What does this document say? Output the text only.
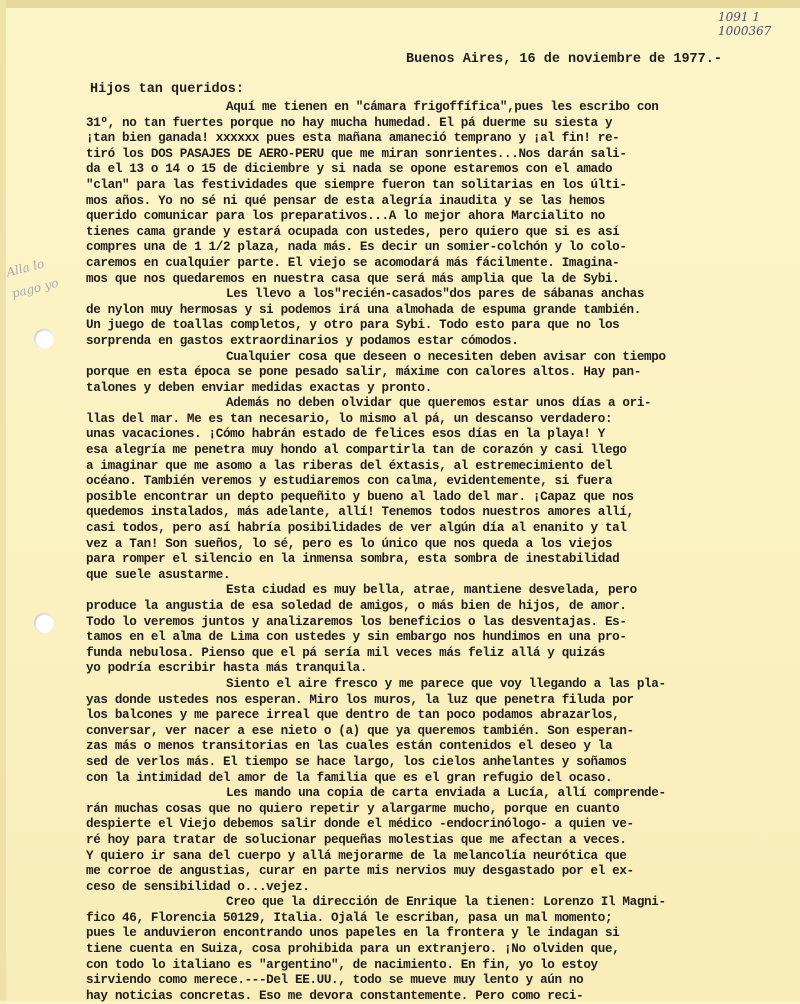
1091 1
1000367
Alla lo pago yo
Buenos Aires, 16 de noviembre de 1977.-
Hijos tan queridos:
Aquí me tienen en "cámara frigoffífica",pues les escribo con
31º, no tan fuertes porque no hay mucha humedad. El pá duerme su siesta y
¡tan bien ganada! xxxxxx pues esta mañana amaneció temprano y ¡al fin! re-
tiró los DOS PASAJES DE AERO-PERU que me miran sonrientes...Nos darán sali-
da el 13 o 14 o 15 de diciembre y si nada se opone estaremos con el amado
"clan" para las festividades que siempre fueron tan solitarias en los últi-
mos años. Yo no sé ni qué pensar de esta alegría inaudita y se las hemos
querido comunicar para los preparativos...A lo mejor ahora Marcialito no
tienes cama grande y estará ocupada con ustedes, pero quiero que si es así
compres una de 1 1/2 plaza, nada más. Es decir un somier-colchón y lo colo-
caremos en cualquier parte. El viejo se acomodará más fácilmente. Imagina-
mos que nos quedaremos en nuestra casa que será más amplia que la de Sybi.
Les llevo a los"recién-casados"dos pares de sábanas anchas
de nylon muy hermosas y si podemos irá una almohada de espuma grande también.
Un juego de toallas completos, y otro para Sybi. Todo esto para que no los
sorprenda en gastos extraordinarios y podamos estar cómodos.
Cualquier cosa que deseen o necesiten deben avisar con tiempo
porque en esta época se pone pesado salir, máxime con calores altos. Hay pan-
talones y deben enviar medidas exactas y pronto.
Además no deben olvidar que queremos estar unos días a ori-
llas del mar. Me es tan necesario, lo mismo al pá, un descanso verdadero:
unas vacaciones. ¡Cómo habrán estado de felices esos días en la playa! Y
esa alegría me penetra muy hondo al compartirla tan de corazón y casi llego
a imaginar que me asomo a las riberas del éxtasis, al estremecimiento del
océano. También veremos y estudiaremos con calma, evidentemente, si fuera
posible encontrar un depto pequeñito y bueno al lado del mar. ¡Capaz que nos
quedemos instalados, más adelante, allí! Tenemos todos nuestros amores allí,
casi todos, pero así habría posibilidades de ver algún día al enanito y tal
vez a Tan! Son sueños, lo sé, pero es lo único que nos queda a los viejos
para romper el silencio en la inmensa sombra, esta sombra de inestabilidad
que suele asustarme.
Esta ciudad es muy bella, atrae, mantiene desvelada, pero
produce la angustia de esa soledad de amigos, o más bien de hijos, de amor.
Todo lo veremos juntos y analizaremos los beneficios o las desventajas. Es-
tamos en el alma de Lima con ustedes y sin embargo nos hundimos en una pro-
funda nebulosa. Pienso que el pá sería mil veces más feliz allá y quizás
yo podría escribir hasta más tranquila.
Siento el aire fresco y me parece que voy llegando a las pla-
yas donde ustedes nos esperan. Miro los muros, la luz que penetra filuda por
los balcones y me parece irreal que dentro de tan poco podamos abrazarlos,
conversar, ver nacer a ese nieto o (a) que ya queremos también. Son esperan-
zas más o menos transitorias en las cuales están contenidos el deseo y la
sed de verlos más. El tiempo se hace largo, los cielos anhelantes y soñamos
con la intimidad del amor de la familia que es el gran refugio del ocaso.
Les mando una copia de carta enviada a Lucía, allí comprende-
rán muchas cosas que no quiero repetir y alargarme mucho, porque en cuanto
despierte el Viejo debemos salir donde el médico -endocrinólogo- a quien ve-
ré hoy para tratar de solucionar pequeñas molestias que me afectan a veces.
Y quiero ir sana del cuerpo y allá mejorarme de la melancolía neurótica que
me corroe de angustias, curar en parte mis nervios muy desgastado por el ex-
ceso de sensibilidad o...vejez.
Creo que la dirección de Enrique la tienen: Lorenzo Il Magni-
fico 46, Florencia 50129, Italia. Ojalá le escriban, pasa un mal momento;
pues le anduvieron encontrando unos papeles en la frontera y le indagan si
tiene cuenta en Suiza, cosa prohibida para un extranjero. ¡No olviden que,
con todo lo italiano es "argentino", de nacimiento. En fin, yo lo estoy
sirviendo como merece.---Del EE.UU., todo se mueve muy lento y aún no
hay noticias concretas. Eso me devora constantemente. Pero como reci-
